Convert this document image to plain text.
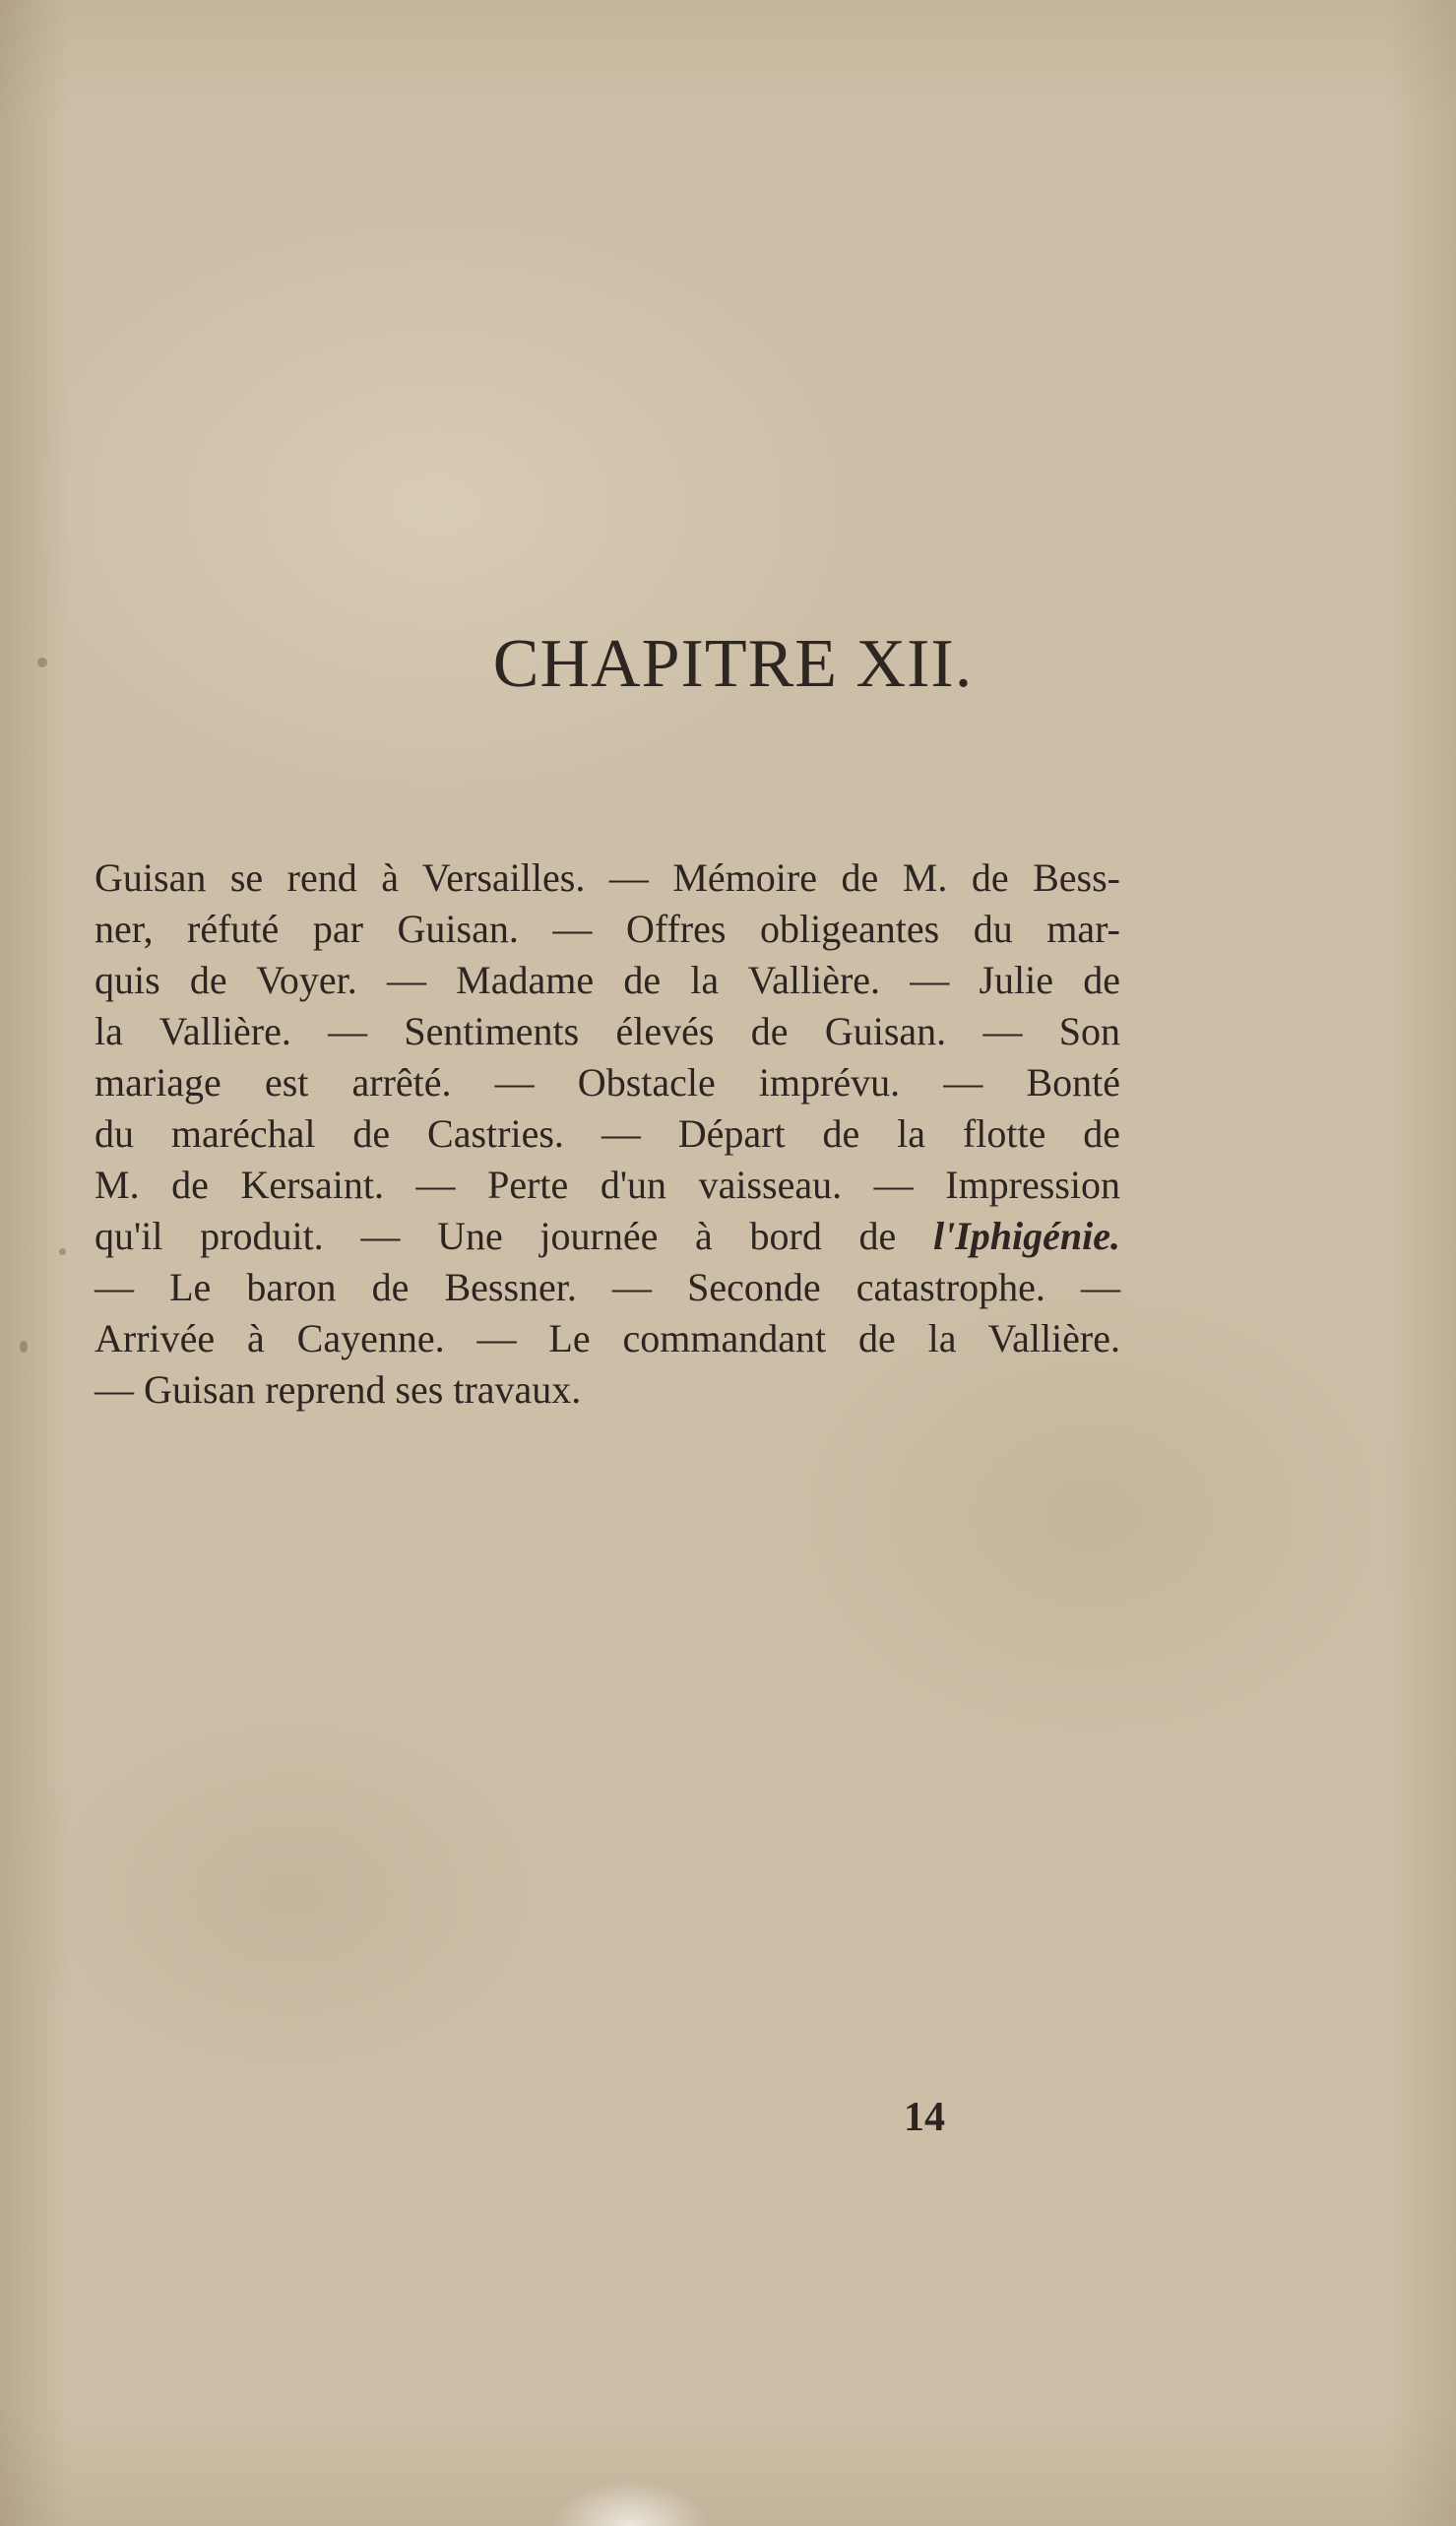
CHAPITRE XII.
Guisan se rend à Versailles. — Mémoire de M. de Bess-
ner, réfuté par Guisan. — Offres obligeantes du mar-
quis de Voyer. — Madame de la Vallière. — Julie de
la Vallière. — Sentiments élevés de Guisan. — Son
mariage est arrêté. — Obstacle imprévu. — Bonté
du maréchal de Castries. — Départ de la flotte de
M. de Kersaint. — Perte d'un vaisseau. — Impression
qu'il produit. — Une journée à bord de l'Iphigénie.
— Le baron de Bessner. — Seconde catastrophe. —
Arrivée à Cayenne. — Le commandant de la Vallière.
— Guisan reprend ses travaux.
14
